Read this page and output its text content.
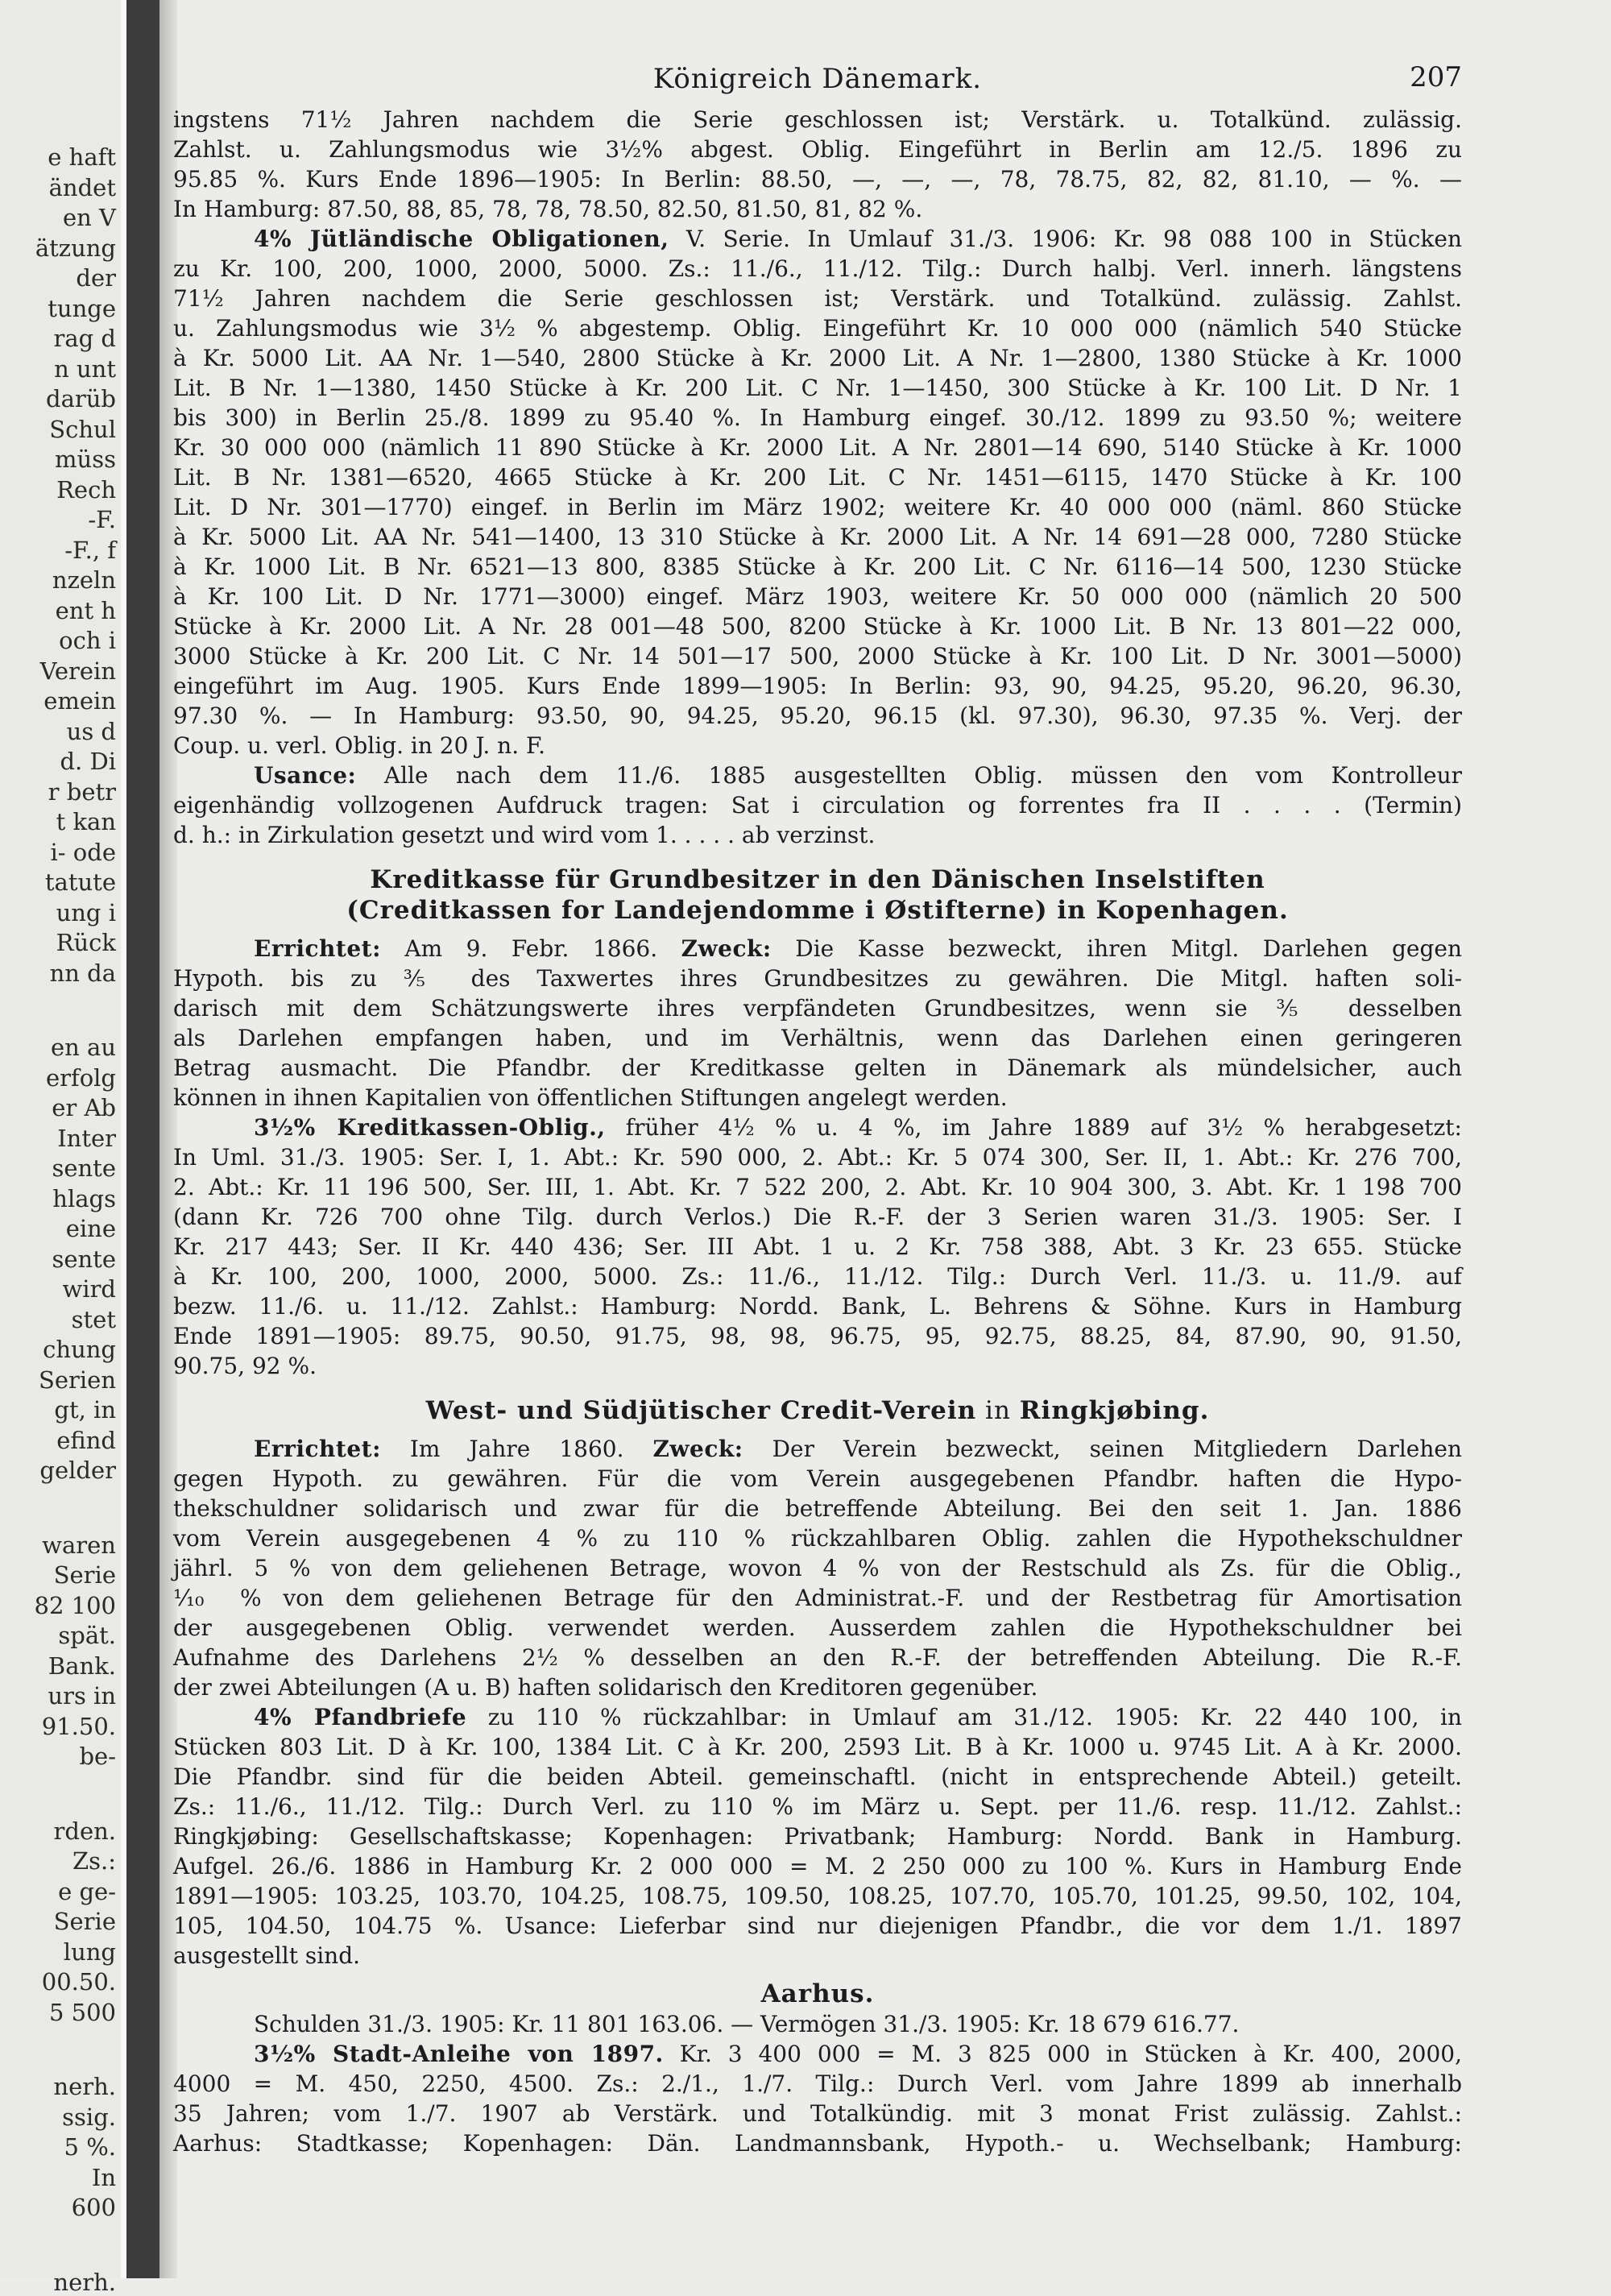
e haft
ändet
en V
ätzung
der
tunge
rag d
n unt
darüb
Schul
müss
Rech
-F.
-F., f
nzeln
ent h
och i
Verein
emein
us d
d. Di
r betr
t kan
i- ode
tatute
ung i
Rück
nn da
en au
erfolg
er Ab
Inter
sente
hlags
eine
sente
wird
stet
chung
Serien
gt, in
efind
gelder
waren
Serie
82 100
spät.
Bank.
urs in
91.50.
be-
rden.
Zs.:
e ge-
Serie
lung
00.50.
5 500
nerh.
ssig.
5 %.
In
600
nerh.
Königreich Dänemark.	207
ingstens 71½ Jahren nachdem die Serie geschlossen ist; Verstärk. u. Totalkünd. zulässig.
Zahlst. u. Zahlungsmodus wie 3½% abgest. Oblig. Eingeführt in Berlin am 12./5. 1896 zu
95.85 %. Kurs Ende 1896—1905: In Berlin: 88.50, —, —, —, 78, 78.75, 82, 82, 81.10, — %. —
In Hamburg: 87.50, 88, 85, 78, 78, 78.50, 82.50, 81.50, 81, 82 %.
4% Jütländische Obligationen, V. Serie. In Umlauf 31./3. 1906: Kr. 98 088 100 in Stücken
zu Kr. 100, 200, 1000, 2000, 5000. Zs.: 11./6., 11./12. Tilg.: Durch halbj. Verl. innerh. längstens
71½ Jahren nachdem die Serie geschlossen ist; Verstärk. und Totalkünd. zulässig. Zahlst.
u. Zahlungsmodus wie 3½ % abgestemp. Oblig. Eingeführt Kr. 10 000 000 (nämlich 540 Stücke
à Kr. 5000 Lit. AA Nr. 1—540, 2800 Stücke à Kr. 2000 Lit. A Nr. 1—2800, 1380 Stücke à Kr. 1000
Lit. B Nr. 1—1380, 1450 Stücke à Kr. 200 Lit. C Nr. 1—1450, 300 Stücke à Kr. 100 Lit. D Nr. 1
bis 300) in Berlin 25./8. 1899 zu 95.40 %. In Hamburg eingef. 30./12. 1899 zu 93.50 %; weitere
Kr. 30 000 000 (nämlich 11 890 Stücke à Kr. 2000 Lit. A Nr. 2801—14 690, 5140 Stücke à Kr. 1000
Lit. B Nr. 1381—6520, 4665 Stücke à Kr. 200 Lit. C Nr. 1451—6115, 1470 Stücke à Kr. 100
Lit. D Nr. 301—1770) eingef. in Berlin im März 1902; weitere Kr. 40 000 000 (näml. 860 Stücke
à Kr. 5000 Lit. AA Nr. 541—1400, 13 310 Stücke à Kr. 2000 Lit. A Nr. 14 691—28 000, 7280 Stücke
à Kr. 1000 Lit. B Nr. 6521—13 800, 8385 Stücke à Kr. 200 Lit. C Nr. 6116—14 500, 1230 Stücke
à Kr. 100 Lit. D Nr. 1771—3000) eingef. März 1903, weitere Kr. 50 000 000 (nämlich 20 500
Stücke à Kr. 2000 Lit. A Nr. 28 001—48 500, 8200 Stücke à Kr. 1000 Lit. B Nr. 13 801—22 000,
3000 Stücke à Kr. 200 Lit. C Nr. 14 501—17 500, 2000 Stücke à Kr. 100 Lit. D Nr. 3001—5000)
eingeführt im Aug. 1905. Kurs Ende 1899—1905: In Berlin: 93, 90, 94.25, 95.20, 96.20, 96.30,
97.30 %. — In Hamburg: 93.50, 90, 94.25, 95.20, 96.15 (kl. 97.30), 96.30, 97.35 %. Verj. der
Coup. u. verl. Oblig. in 20 J. n. F.
Usance: Alle nach dem 11./6. 1885 ausgestellten Oblig. müssen den vom Kontrolleur
eigenhändig vollzogenen Aufdruck tragen: Sat i circulation og forrentes fra II . . . . (Termin)
d. h.: in Zirkulation gesetzt und wird vom 1. . . . . ab verzinst.
Kreditkasse für Grundbesitzer in den Dänischen Inselstiften
(Creditkassen for Landejendomme i Østifterne) in Kopenhagen.
Errichtet: Am 9. Febr. 1866. Zweck: Die Kasse bezweckt, ihren Mitgl. Darlehen gegen
Hypoth. bis zu ⅗ des Taxwertes ihres Grundbesitzes zu gewähren. Die Mitgl. haften soli-
darisch mit dem Schätzungswerte ihres verpfändeten Grundbesitzes, wenn sie ⅗ desselben
als Darlehen empfangen haben, und im Verhältnis, wenn das Darlehen einen geringeren
Betrag ausmacht. Die Pfandbr. der Kreditkasse gelten in Dänemark als mündelsicher, auch
können in ihnen Kapitalien von öffentlichen Stiftungen angelegt werden.
3½% Kreditkassen-Oblig., früher 4½ % u. 4 %, im Jahre 1889 auf 3½ % herabgesetzt:
In Uml. 31./3. 1905: Ser. I, 1. Abt.: Kr. 590 000, 2. Abt.: Kr. 5 074 300, Ser. II, 1. Abt.: Kr. 276 700,
2. Abt.: Kr. 11 196 500, Ser. III, 1. Abt. Kr. 7 522 200, 2. Abt. Kr. 10 904 300, 3. Abt. Kr. 1 198 700
(dann Kr. 726 700 ohne Tilg. durch Verlos.) Die R.-F. der 3 Serien waren 31./3. 1905: Ser. I
Kr. 217 443; Ser. II Kr. 440 436; Ser. III Abt. 1 u. 2 Kr. 758 388, Abt. 3 Kr. 23 655. Stücke
à Kr. 100, 200, 1000, 2000, 5000. Zs.: 11./6., 11./12. Tilg.: Durch Verl. 11./3. u. 11./9. auf
bezw. 11./6. u. 11./12. Zahlst.: Hamburg: Nordd. Bank, L. Behrens & Söhne. Kurs in Hamburg
Ende 1891—1905: 89.75, 90.50, 91.75, 98, 98, 96.75, 95, 92.75, 88.25, 84, 87.90, 90, 91.50,
90.75, 92 %.
West- und Südjütischer Credit-Verein in Ringkjøbing.
Errichtet: Im Jahre 1860. Zweck: Der Verein bezweckt, seinen Mitgliedern Darlehen
gegen Hypoth. zu gewähren. Für die vom Verein ausgegebenen Pfandbr. haften die Hypo-
thekschuldner solidarisch und zwar für die betreffende Abteilung. Bei den seit 1. Jan. 1886
vom Verein ausgegebenen 4 % zu 110 % rückzahlbaren Oblig. zahlen die Hypothekschuldner
jährl. 5 % von dem geliehenen Betrage, wovon 4 % von der Restschuld als Zs. für die Oblig.,
⅒ % von dem geliehenen Betrage für den Administrat.-F. und der Restbetrag für Amortisation
der ausgegebenen Oblig. verwendet werden. Ausserdem zahlen die Hypothekschuldner bei
Aufnahme des Darlehens 2½ % desselben an den R.-F. der betreffenden Abteilung. Die R.-F.
der zwei Abteilungen (A u. B) haften solidarisch den Kreditoren gegenüber.
4% Pfandbriefe zu 110 % rückzahlbar: in Umlauf am 31./12. 1905: Kr. 22 440 100, in
Stücken 803 Lit. D à Kr. 100, 1384 Lit. C à Kr. 200, 2593 Lit. B à Kr. 1000 u. 9745 Lit. A à Kr. 2000.
Die Pfandbr. sind für die beiden Abteil. gemeinschaftl. (nicht in entsprechende Abteil.) geteilt.
Zs.: 11./6., 11./12. Tilg.: Durch Verl. zu 110 % im März u. Sept. per 11./6. resp. 11./12. Zahlst.:
Ringkjøbing: Gesellschaftskasse; Kopenhagen: Privatbank; Hamburg: Nordd. Bank in Hamburg.
Aufgel. 26./6. 1886 in Hamburg Kr. 2 000 000 = M. 2 250 000 zu 100 %. Kurs in Hamburg Ende
1891—1905: 103.25, 103.70, 104.25, 108.75, 109.50, 108.25, 107.70, 105.70, 101.25, 99.50, 102, 104,
105, 104.50, 104.75 %. Usance: Lieferbar sind nur diejenigen Pfandbr., die vor dem 1./1. 1897
ausgestellt sind.
Aarhus.
Schulden 31./3. 1905: Kr. 11 801 163.06. — Vermögen 31./3. 1905: Kr. 18 679 616.77.
3½% Stadt-Anleihe von 1897. Kr. 3 400 000 = M. 3 825 000 in Stücken à Kr. 400, 2000,
4000 = M. 450, 2250, 4500. Zs.: 2./1., 1./7. Tilg.: Durch Verl. vom Jahre 1899 ab innerhalb
35 Jahren; vom 1./7. 1907 ab Verstärk. und Totalkündig. mit 3 monat Frist zulässig. Zahlst.:
Aarhus: Stadtkasse; Kopenhagen: Dän. Landmannsbank, Hypoth.- u. Wechselbank; Hamburg:
